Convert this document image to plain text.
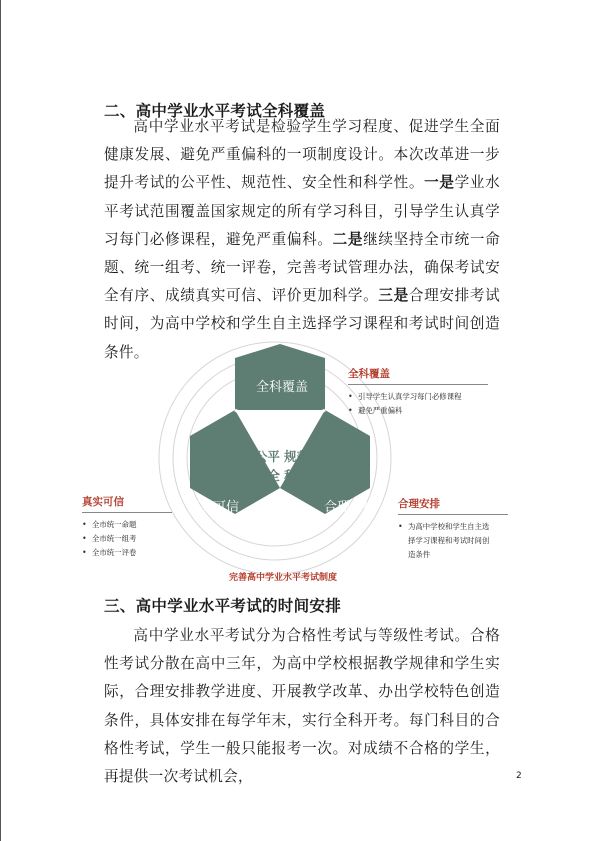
二、高中学业水平考试全科覆盖
高中学业水平考试是检验学生学习程度、促进学生全面健康发展、避免严重偏科的一项制度设计。本次改革进一步提升考试的公平性、规范性、安全性和科学性。一是学业水平考试范围覆盖国家规定的所有学习科目，引导学生认真学习每门必修课程，避免严重偏科。二是继续坚持全市统一命题、统一组考、统一评卷，完善考试管理办法，确保考试安全有序、成绩真实可信、评价更加科学。三是合理安排考试时间，为高中学校和学生自主选择学习课程和考试时间创造条件。
全科覆盖
真实可信	合理安排
公平 规范
安全 科学
完善高中学业水平考试制度
全科覆盖
• 引导学生认真学习每门必修课程
• 避免严重偏科
真实可信
• 全市统一命题
• 全市统一组考
• 全市统一评卷
合理安排
• 为高中学校和学生自主选
择学习课程和考试时间创
造条件
三、高中学业水平考试的时间安排
高中学业水平考试分为合格性考试与等级性考试。合格性考试分散在高中三年，为高中学校根据教学规律和学生实际，合理安排教学进度、开展教学改革、办出学校特色创造条件，具体安排在每学年末，实行全科开考。每门科目的合格性考试，学生一般只能报考一次。对成绩不合格的学生，再提供一次考试机会，	2
